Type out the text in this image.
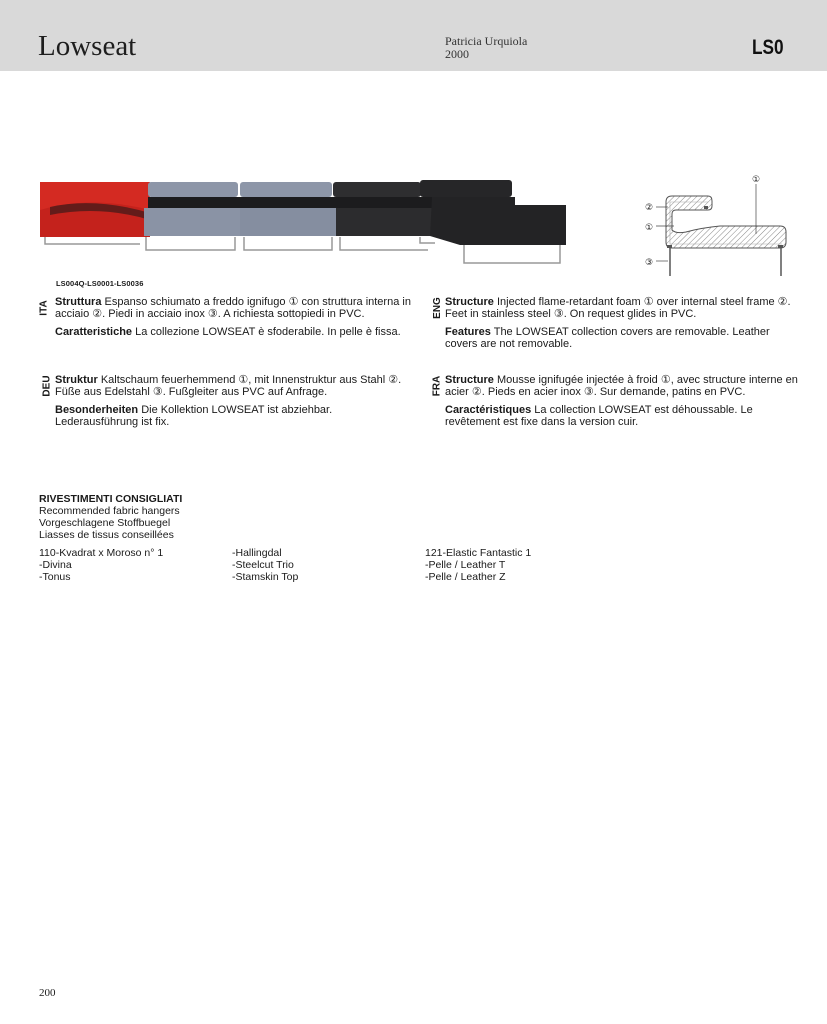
Lowseat	Patricia Urquiola
2000	LS0
①
②
①
③
LS004Q-LS0001-LS0036
ITA Struttura Espanso schiumato a freddo ignifugo ① con struttura interna in acciaio ②. Piedi in acciaio inox ③. A richiesta sottopiedi in PVC.

Caratteristiche La collezione LOWSEAT è sfoderabile. In pelle è fissa.

ENG Structure Injected flame-retardant foam ① over internal steel frame ②. Feet in stainless steel ③. On request glides in PVC.

Features The LOWSEAT collection covers are removable. Leather covers are not removable.

DEU Struktur Kaltschaum feuerhemmend ①, mit Innenstruktur aus Stahl ②. Füße aus Edelstahl ③. Fußgleiter aus PVC auf Anfrage.

Besonderheiten Die Kollektion LOWSEAT ist abziehbar. Lederausführung ist fix.

FRA Structure Mousse ignifugée injectée à froid ①, avec structure interne en acier ②. Pieds en acier inox ③. Sur demande, patins en PVC.

Caractéristiques La collection LOWSEAT est déhoussable. Le revêtement est fixe dans la version cuir.

RIVESTIMENTI CONSIGLIATI
Recommended fabric hangers
Vorgeschlagene Stoffbuegel
Liasses de tissus conseillées
110-Kvadrat x Moroso n° 1
-Divina
-Tonus
-Hallingdal
-Steelcut Trio
-Stamskin Top
121-Elastic Fantastic 1
-Pelle / Leather T
-Pelle / Leather Z
200
